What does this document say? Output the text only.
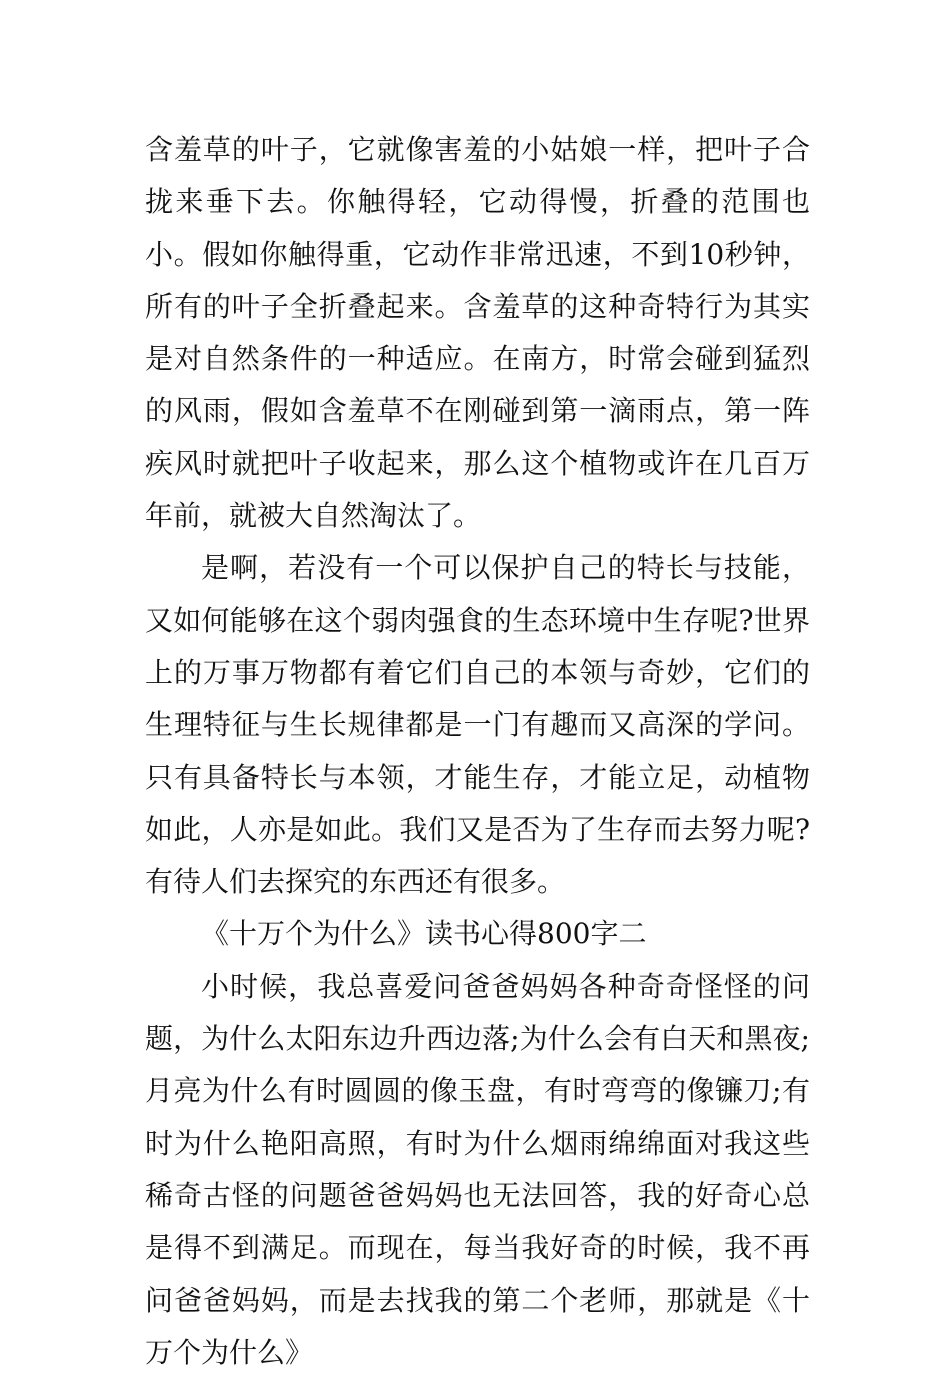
含羞草的叶子，它就像害羞的小姑娘一样，把叶子合拢来垂下去。你触得轻，它动得慢，折叠的范围也小。假如你触得重，它动作非常迅速，不到10秒钟，所有的叶子全折叠起来。含羞草的这种奇特行为其实是对自然条件的一种适应。在南方，时常会碰到猛烈的风雨，假如含羞草不在刚碰到第一滴雨点，第一阵疾风时就把叶子收起来，那么这个植物或许在几百万年前，就被大自然淘汰了。

是啊，若没有一个可以保护自己的特长与技能，又如何能够在这个弱肉强食的生态环境中生存呢?世界上的万事万物都有着它们自己的本领与奇妙，它们的生理特征与生长规律都是一门有趣而又高深的学问。只有具备特长与本领，才能生存，才能立足，动植物如此，人亦是如此。我们又是否为了生存而去努力呢?有待人们去探究的东西还有很多。

《十万个为什么》读书心得800字二

小时候，我总喜爱问爸爸妈妈各种奇奇怪怪的问题，为什么太阳东边升西边落;为什么会有白天和黑夜;月亮为什么有时圆圆的像玉盘，有时弯弯的像镰刀;有时为什么艳阳高照，有时为什么烟雨绵绵面对我这些稀奇古怪的问题爸爸妈妈也无法回答，我的好奇心总是得不到满足。而现在，每当我好奇的时候，我不再问爸爸妈妈，而是去找我的第二个老师，那就是《十万个为什么》
